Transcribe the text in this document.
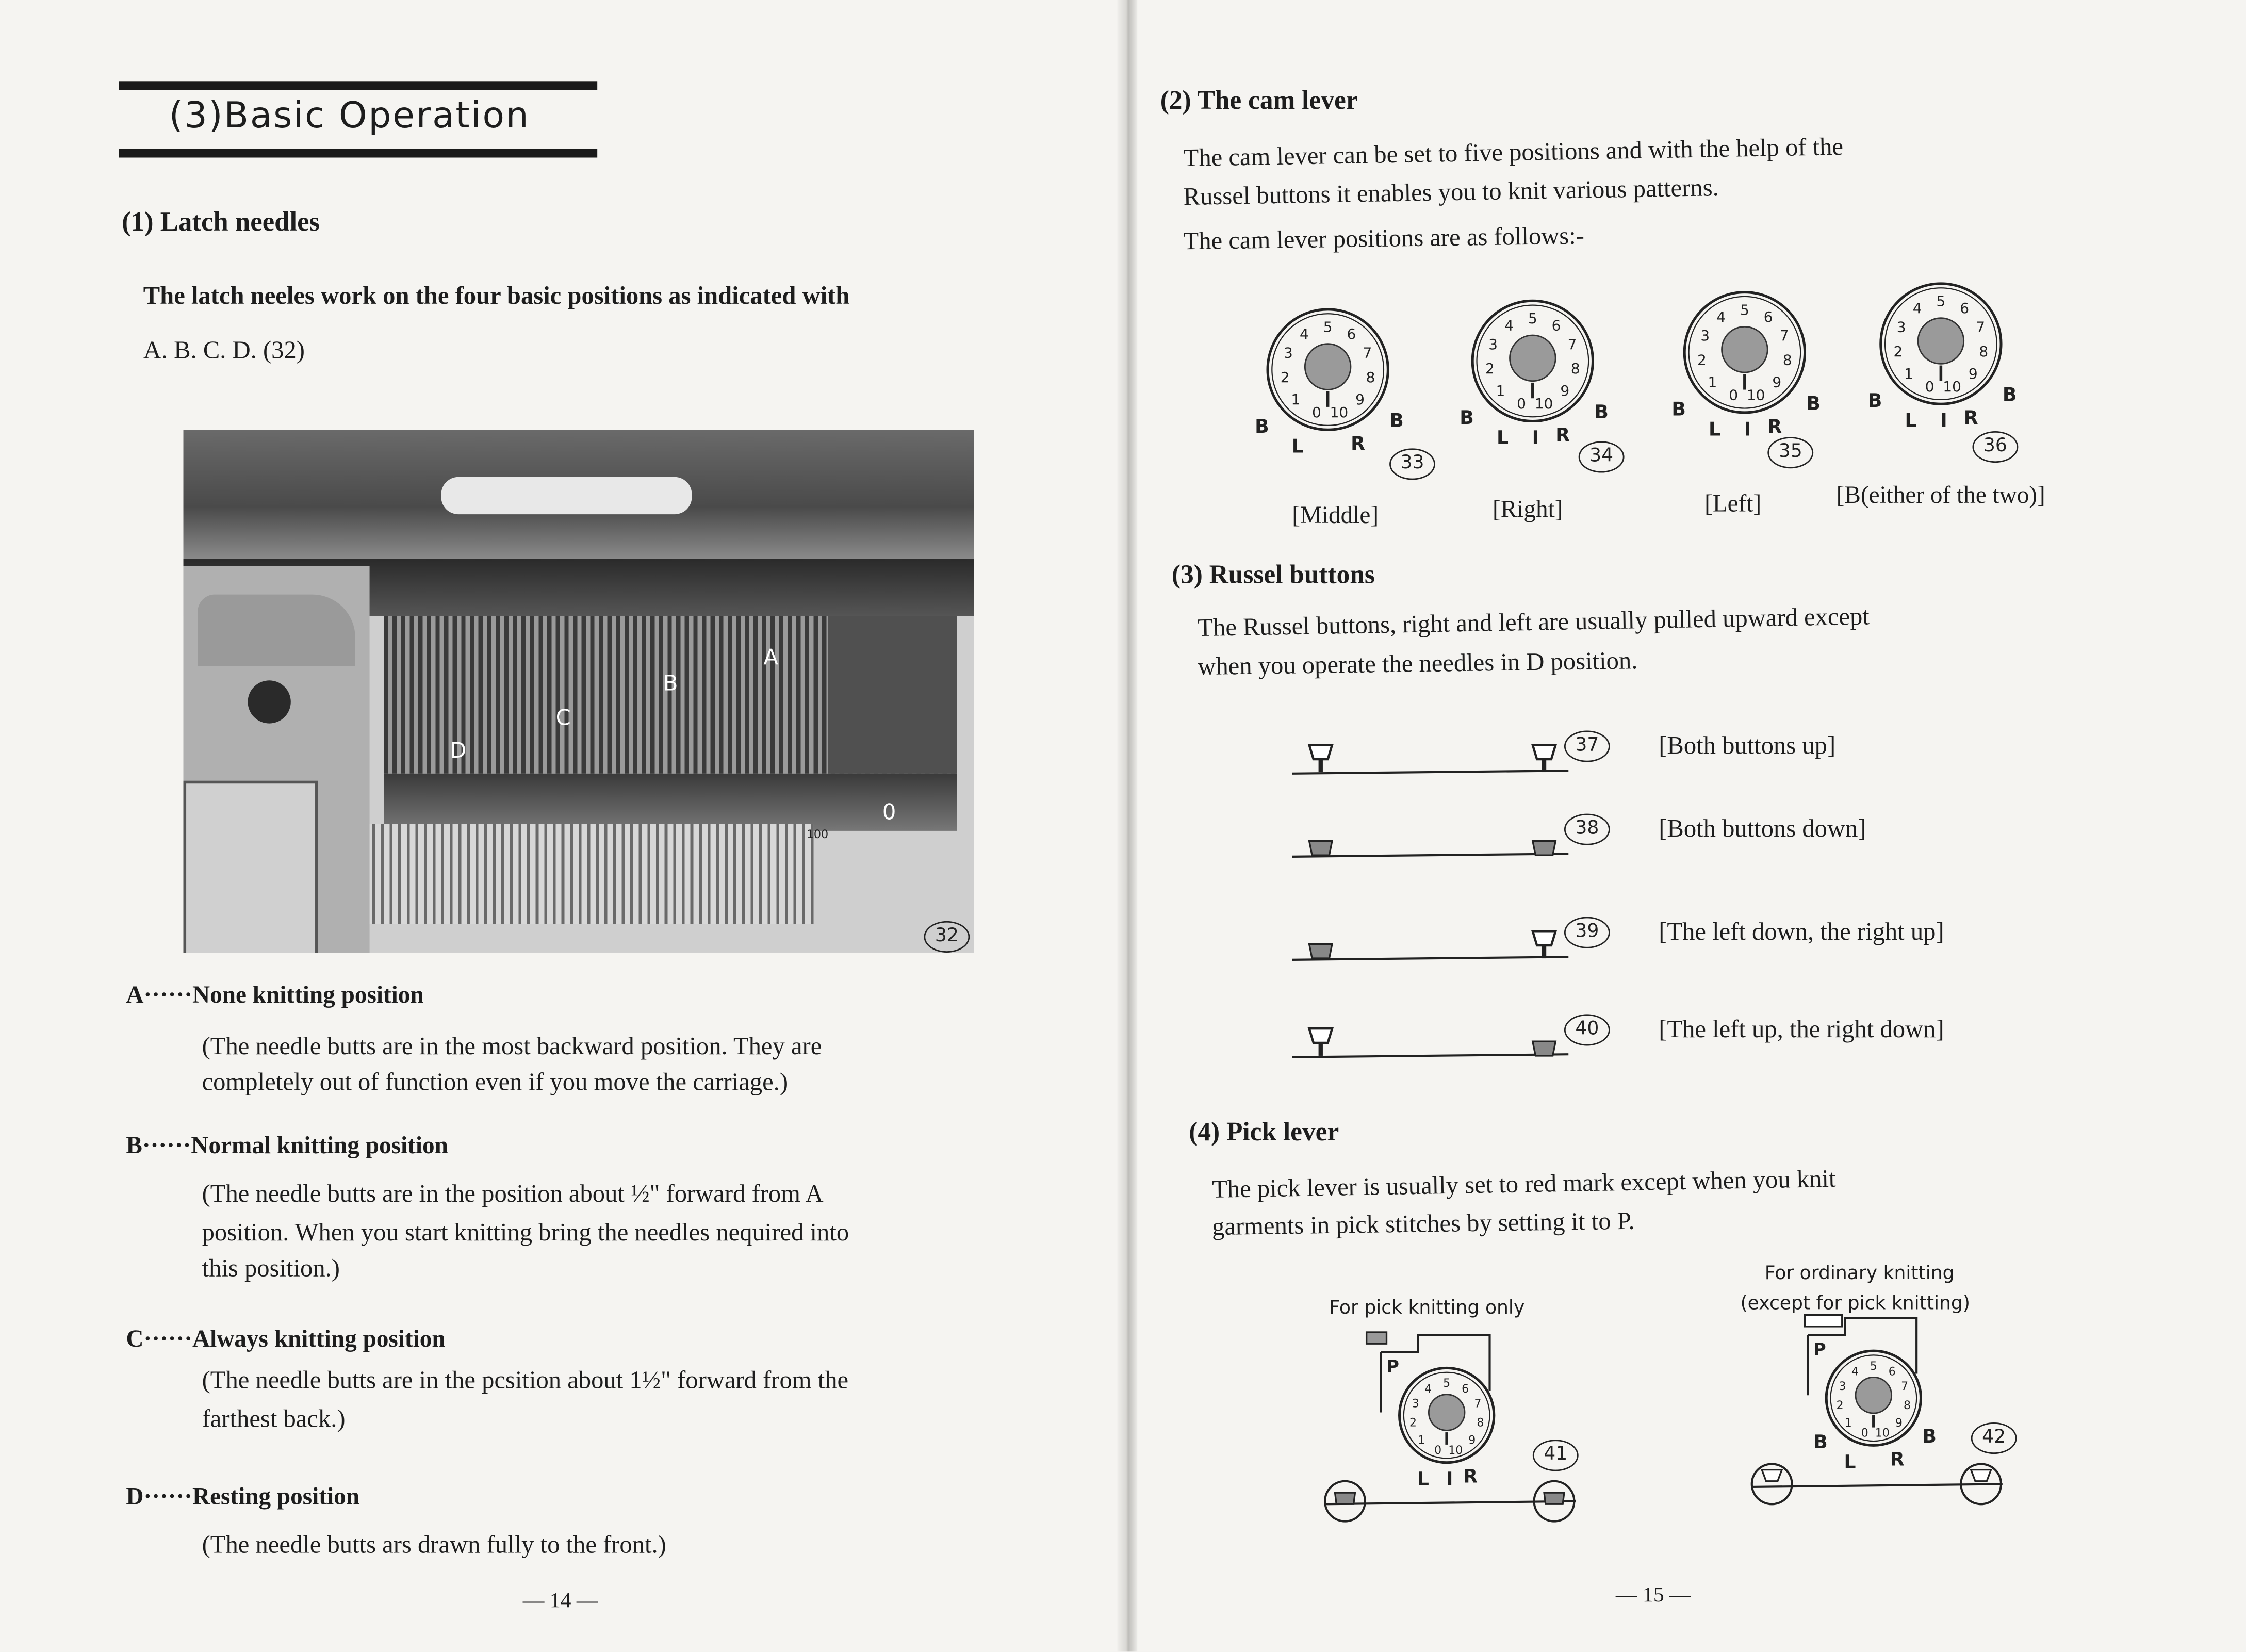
(3)Basic Operation
(1) Latch needles
The latch neeles work on the four basic positions as indicated with
A. B. C. D. (32)
A
B
C
D
0
100
32
— 14 —
(2) The cam lever
The cam lever can be set to five positions and with the help of the
Russel buttons it enables you to knit various patterns.
The cam lever positions are as follows:-
(3) Russel buttons
The Russel buttons, right and left are usually pulled upward except
when you operate the needles in D position.
(4) Pick lever
The pick lever is usually set to red mark except when you knit
garments in pick stitches by setting it to P.
For pick knitting only
For ordinary knitting
(except for pick knitting)
— 15 —
A······None knitting position
(The needle butts are in the most backward position. They are
completely out of function even if you move the carriage.)
B······Normal knitting position
(The needle butts are in the position about ½" forward from A
position. When you start knitting bring the needles nequired into
this position.)
C······Always knitting position
(The needle butts are in the pcsition about 1½" forward from the
farthest back.)
D······Resting position
(The needle butts ars drawn fully to the front.)
0
1
2
3
4	5	6
7
8
9
10
B	B
L	R
33
[Middle]
0
1
2
3
4	5	6
7
8
9
10
B	B
L	R
I
34
[Right]
0
1
2
3
4	5	6
7
8
9
10
B	B
L	R
I
35
[Left]
0
1
2
3
4	5	6
7
8
9
10
B	B
L	R
I
36
[B(either of the two)]
37	[Both buttons up]
38	[Both buttons down]
39	[The left down, the right up]
40	[The left up, the right down]
P
0
1
2
3
4	5	6
7
8
9
10
L	R
I
41
P
0
1
2
3
4	5	6
7
8
9
10
B	B
L	R
42
